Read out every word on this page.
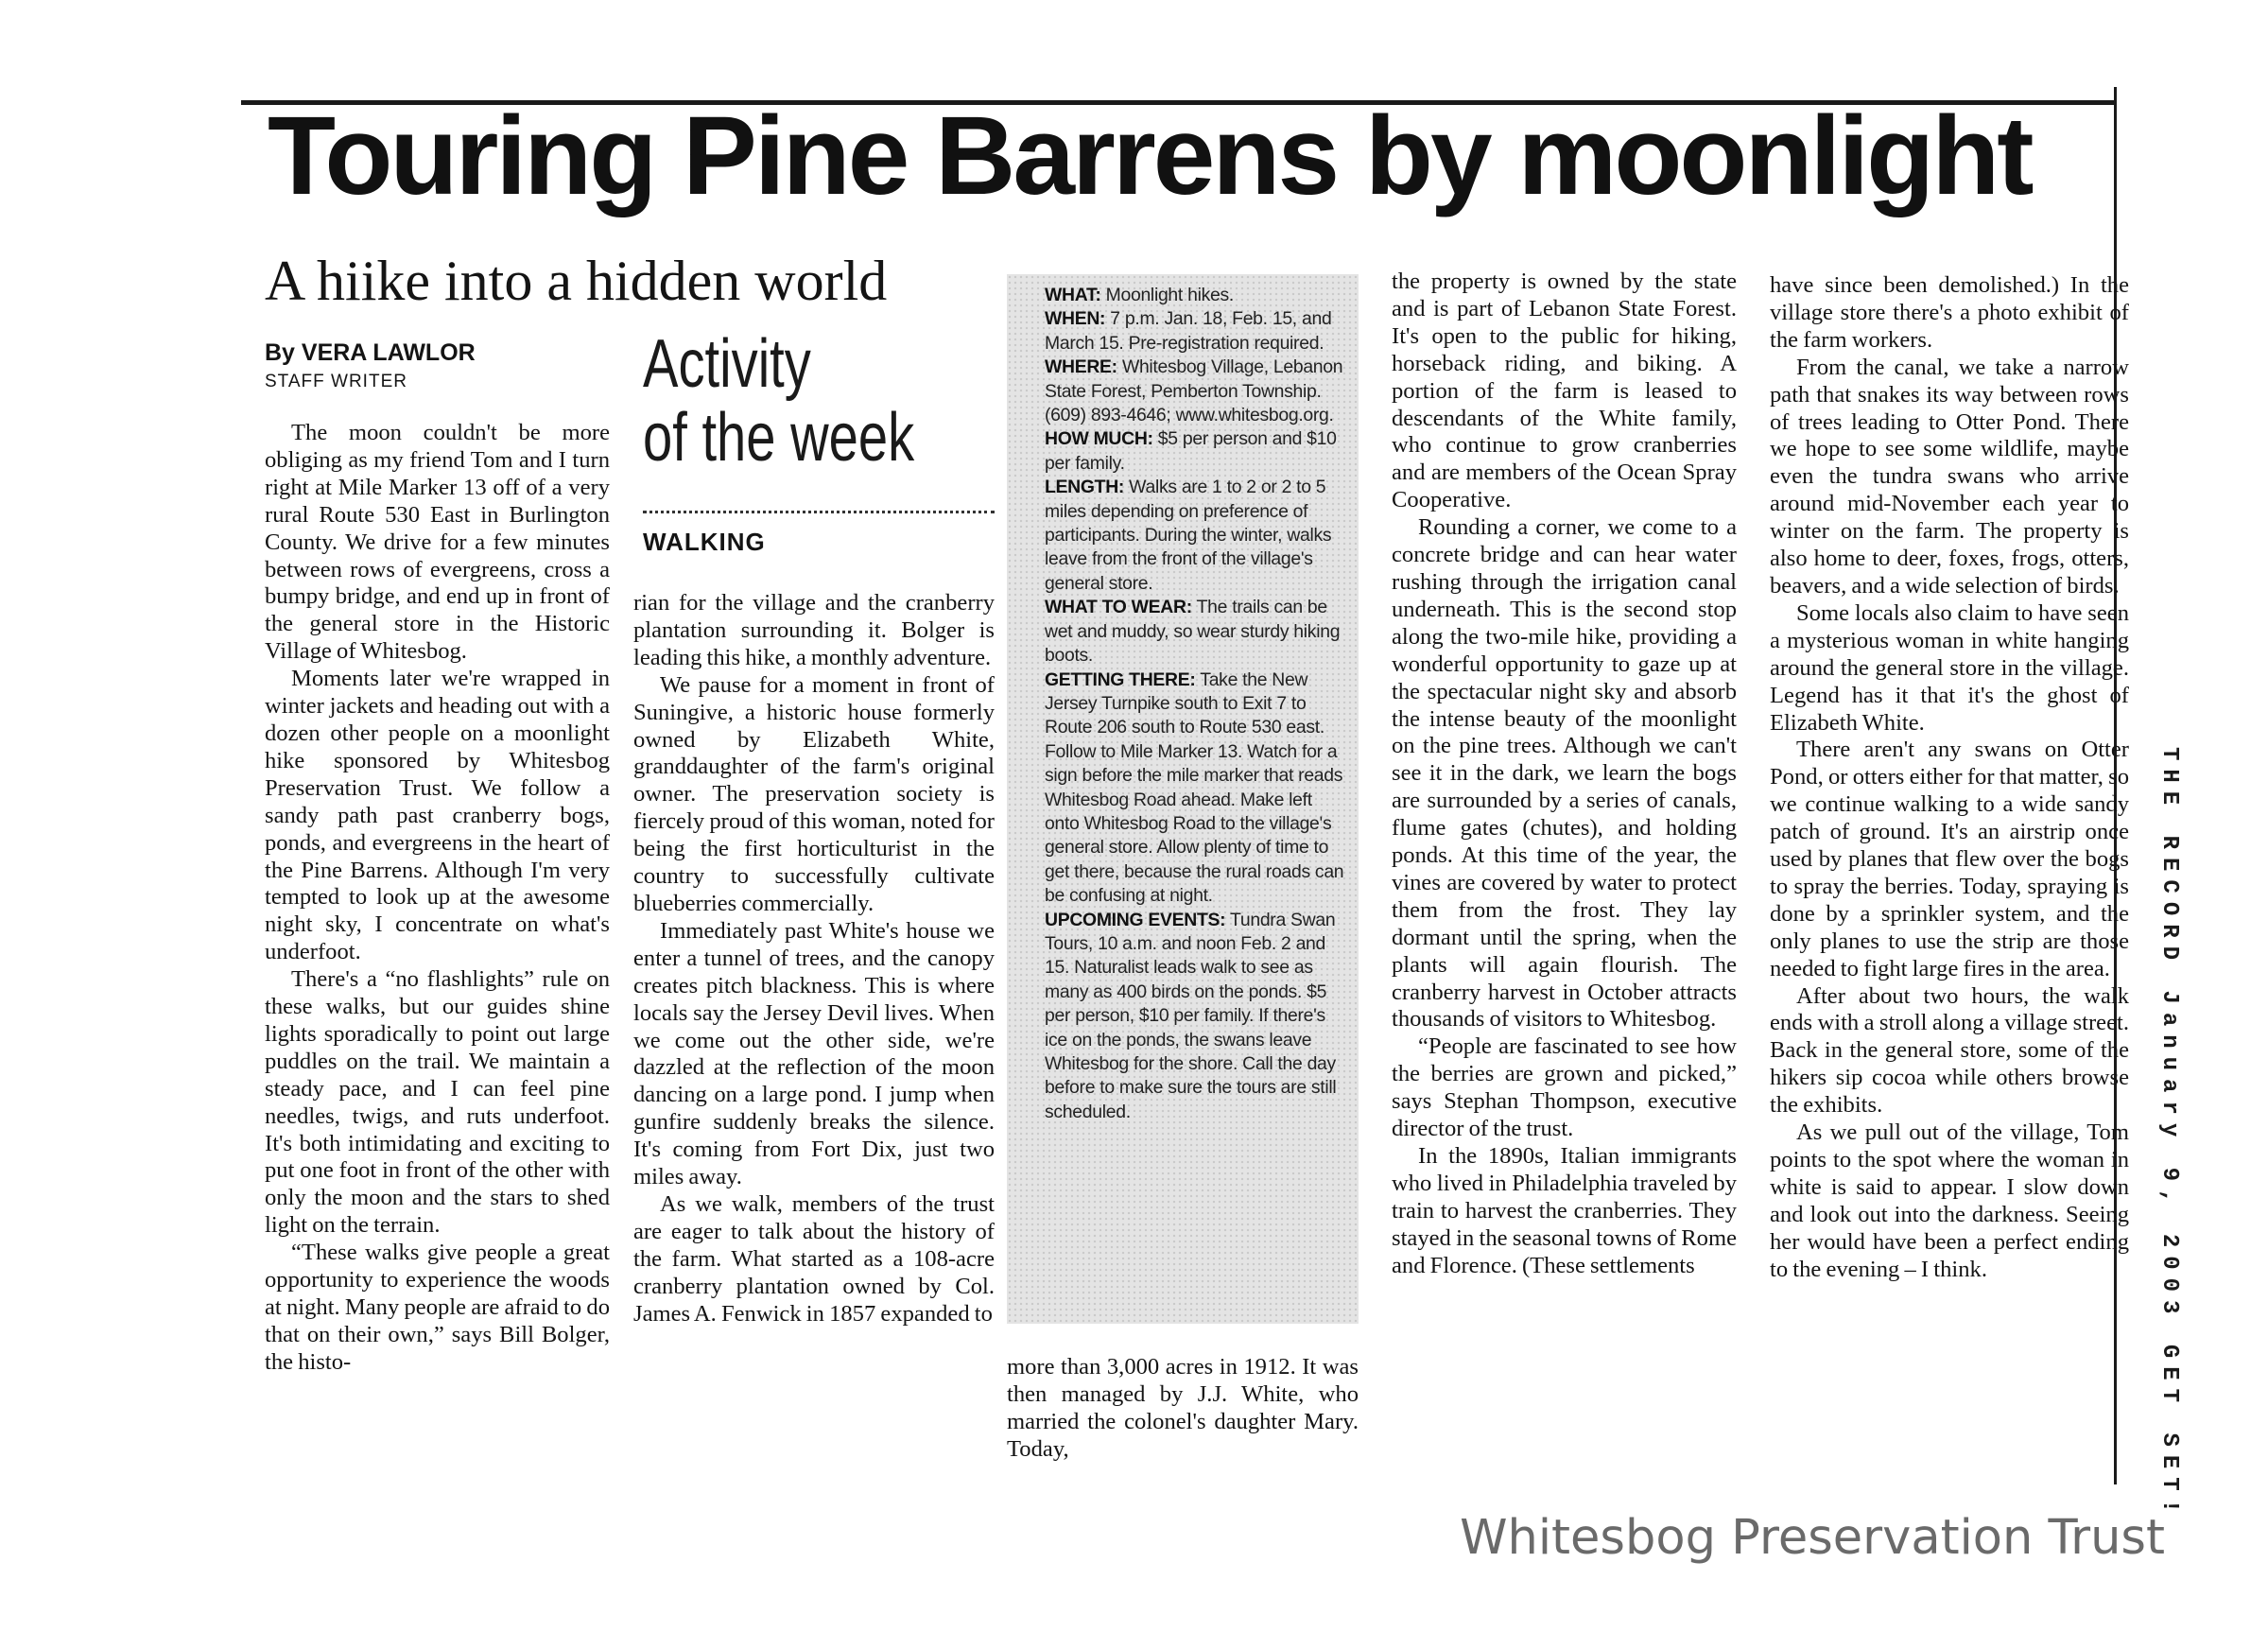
Touring Pine Barrens by moonlight
A hiike into a hidden world
By VERA LAWLOR
STAFF WRITER	Activity
of the week
WALKING

The moon couldn't be more obliging as my friend Tom and I turn right at Mile Marker 13 off of a very rural Route 530 East in Burlington County. We drive for a few minutes between rows of evergreens, cross a bumpy bridge, and end up in front of the general store in the Historic Village of Whitesbog.

Moments later we're wrapped in winter jackets and heading out with a dozen other people on a moonlight hike sponsored by Whitesbog Preservation Trust. We follow a sandy path past cranberry bogs, ponds, and evergreens in the heart of the Pine Barrens. Although I'm very tempted to look up at the awesome night sky, I concentrate on what's underfoot.

There's a “no flashlights” rule on these walks, but our guides shine lights sporadically to point out large puddles on the trail. We maintain a steady pace, and I can feel pine needles, twigs, and ruts underfoot. It's both intimidating and exciting to put one foot in front of the other with only the moon and the stars to shed light on the terrain.

“These walks give people a great opportunity to experience the woods at night. Many people are afraid to do that on their own,” says Bill Bolger, the histo-

rian for the village and the cranberry plantation surrounding it. Bolger is leading this hike, a monthly adventure.

We pause for a moment in front of Suningive, a historic house formerly owned by Elizabeth White, granddaughter of the farm's original owner. The preservation society is fiercely proud of this woman, noted for being the first horticulturist in the country to successfully cultivate blueberries commercially.

Immediately past White's house we enter a tunnel of trees, and the canopy creates pitch blackness. This is where locals say the Jersey Devil lives. When we come out the other side, we're dazzled at the reflection of the moon dancing on a large pond. I jump when gunfire suddenly breaks the silence. It's coming from Fort Dix, just two miles away.

As we walk, members of the trust are eager to talk about the history of the farm. What started as a 108-acre cranberry plantation owned by Col. James A. Fenwick in 1857 expanded to

WHAT: Moonlight hikes.

WHEN: 7 p.m. Jan. 18, Feb. 15, and March 15. Pre-registration required.

WHERE: Whitesbog Village, Lebanon State Forest, Pemberton Township. (609) 893-4646; www.whitesbog.org.

HOW MUCH: $5 per person and $10 per family.

LENGTH: Walks are 1 to 2 or 2 to 5 miles depending on preference of participants. During the winter, walks leave from the front of the village's general store.

WHAT TO WEAR: The trails can be wet and muddy, so wear sturdy hiking boots.

GETTING THERE: Take the New Jersey Turnpike south to Exit 7 to Route 206 south to Route 530 east. Follow to Mile Marker 13. Watch for a sign before the mile marker that reads Whitesbog Road ahead. Make left onto Whitesbog Road to the village's general store. Allow plenty of time to get there, because the rural roads can be confusing at night.

UPCOMING EVENTS: Tundra Swan Tours, 10 a.m. and noon Feb. 2 and 15. Naturalist leads walk to see as many as 400 birds on the ponds. $5 per person, $10 per family. If there's ice on the ponds, the swans leave Whitesbog for the shore. Call the day before to make sure the tours are still scheduled.

more than 3,000 acres in 1912. It was then managed by J.J. White, who married the colonel's daughter Mary. Today,

the property is owned by the state and is part of Lebanon State Forest. It's open to the public for hiking, horseback riding, and biking. A portion of the farm is leased to descendants of the White family, who continue to grow cranberries and are members of the Ocean Spray Cooperative.

Rounding a corner, we come to a concrete bridge and can hear water rushing through the irrigation canal underneath. This is the second stop along the two-mile hike, providing a wonderful opportunity to gaze up at the spectacular night sky and absorb the intense beauty of the moonlight on the pine trees. Although we can't see it in the dark, we learn the bogs are surrounded by a series of canals, flume gates (chutes), and holding ponds. At this time of the year, the vines are covered by water to protect them from the frost. They lay dormant until the spring, when the plants will again flourish. The cranberry harvest in October attracts thousands of visitors to Whitesbog.

“People are fascinated to see how the berries are grown and picked,” says Stephan Thompson, executive director of the trust.

In the 1890s, Italian immigrants who lived in Philadelphia traveled by train to harvest the cranberries. They stayed in the seasonal towns of Rome and Florence. (These settlements

have since been demolished.) In the village store there's a photo exhibit of the farm workers.

From the canal, we take a narrow path that snakes its way between rows of trees leading to Otter Pond. There we hope to see some wildlife, maybe even the tundra swans who arrive around mid-November each year to winter on the farm. The property is also home to deer, foxes, frogs, otters, beavers, and a wide selection of birds.

Some locals also claim to have seen a mysterious woman in white hanging around the general store in the village. Legend has it that it's the ghost of Elizabeth White.

There aren't any swans on Otter Pond, or otters either for that matter, so we continue walking to a wide sandy patch of ground. It's an airstrip once used by planes that flew over the bogs to spray the berries. Today, spraying is done by a sprinkler system, and the only planes to use the strip are those needed to fight large fires in the area.

After about two hours, the walk ends with a stroll along a village street. Back in the general store, some of the hikers sip cocoa while others browse the exhibits.

As we pull out of the village, Tom points to the spot where the woman in white is said to appear. I slow down and look out into the darkness. Seeing her would have been a perfect ending to the evening – I think.	THE RECORD January 9, 2003 GET SET!
Whitesbog Preservation Trust
